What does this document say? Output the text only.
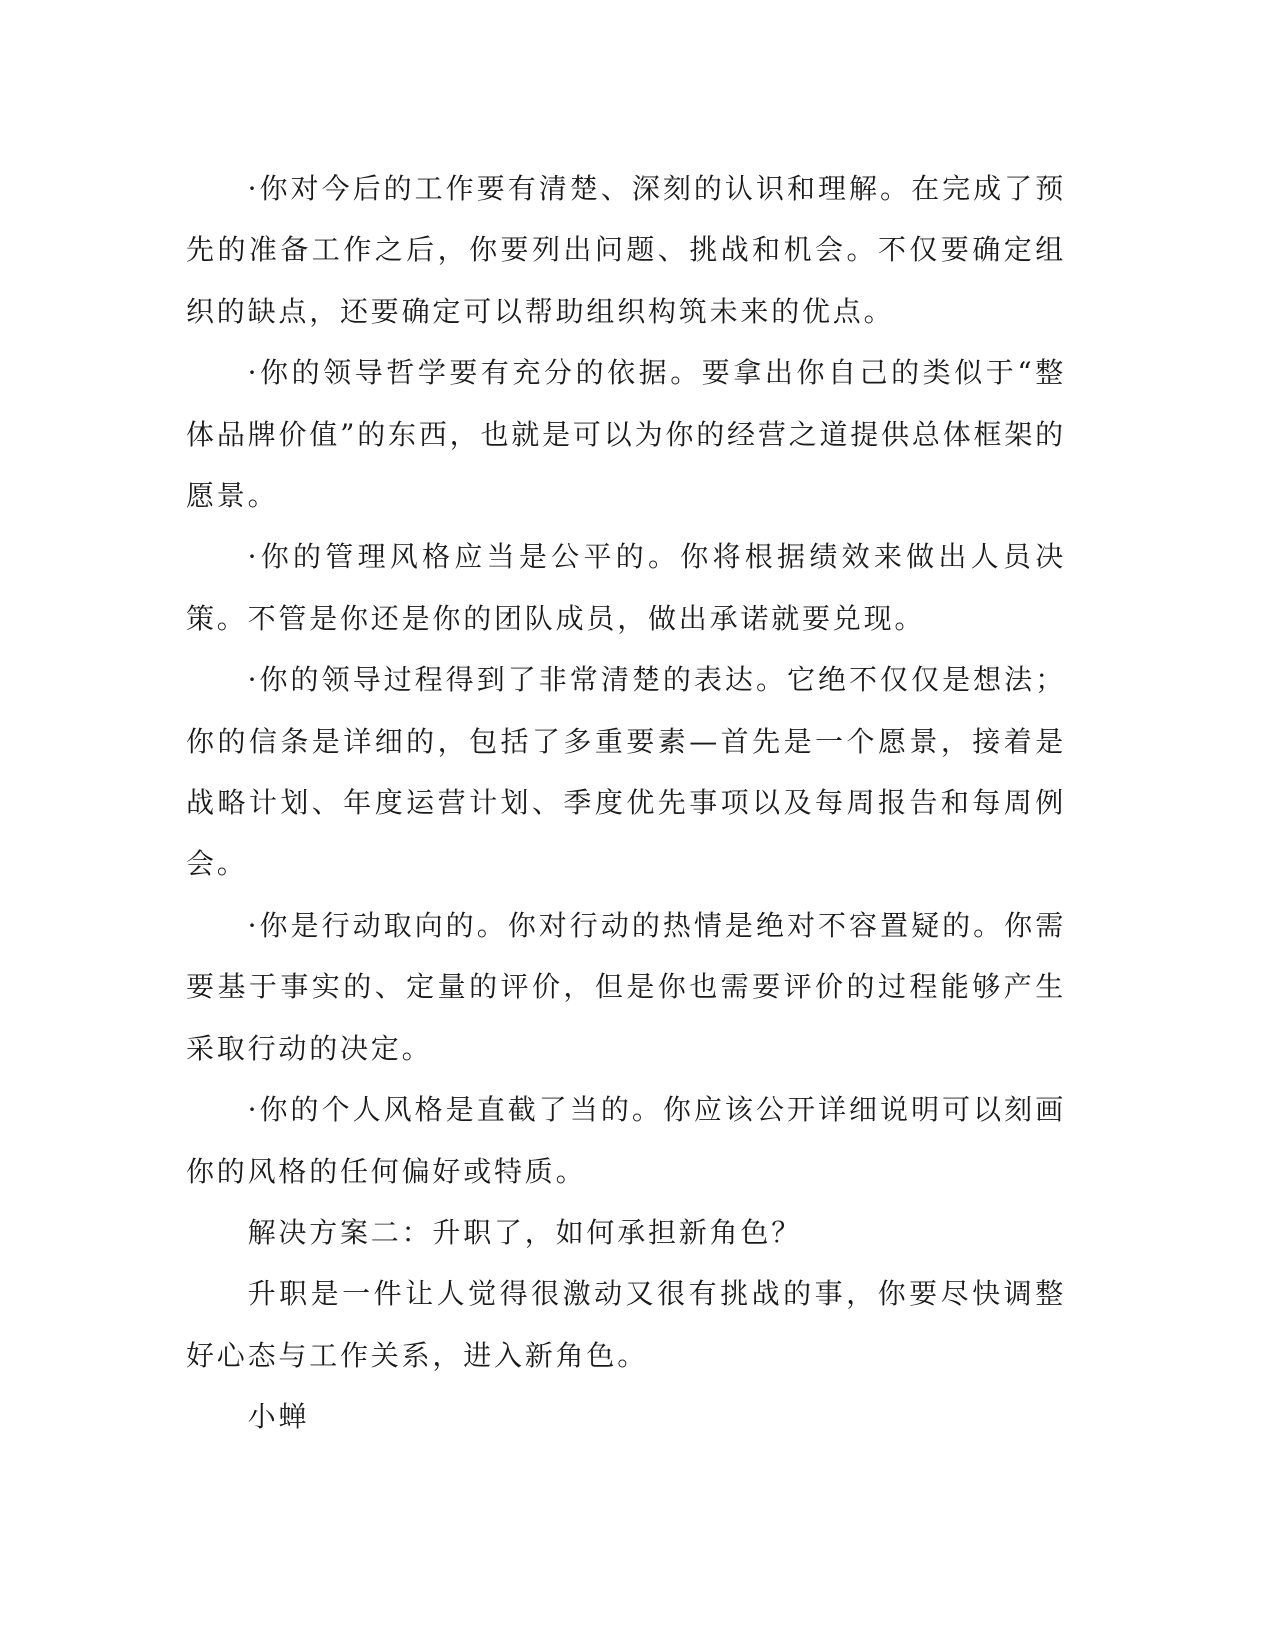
·你对今后的工作要有清楚、深刻的认识和理解。在完成了预先的准备工作之后，你要列出问题、挑战和机会。不仅要确定组织的缺点，还要确定可以帮助组织构筑未来的优点。

·你的领导哲学要有充分的依据。要拿出你自己的类似于“整体品牌价值”的东西，也就是可以为你的经营之道提供总体框架的愿景。

·你的管理风格应当是公平的。你将根据绩效来做出人员决策。不管是你还是你的团队成员，做出承诺就要兑现。

·你的领导过程得到了非常清楚的表达。它绝不仅仅是想法；你的信条是详细的，包括了多重要素—首先是一个愿景，接着是战略计划、年度运营计划、季度优先事项以及每周报告和每周例会。

·你是行动取向的。你对行动的热情是绝对不容置疑的。你需要基于事实的、定量的评价，但是你也需要评价的过程能够产生采取行动的决定。

·你的个人风格是直截了当的。你应该公开详细说明可以刻画你的风格的任何偏好或特质。

解决方案二：升职了，如何承担新角色？

升职是一件让人觉得很激动又很有挑战的事，你要尽快调整好心态与工作关系，进入新角色。

小蝉
